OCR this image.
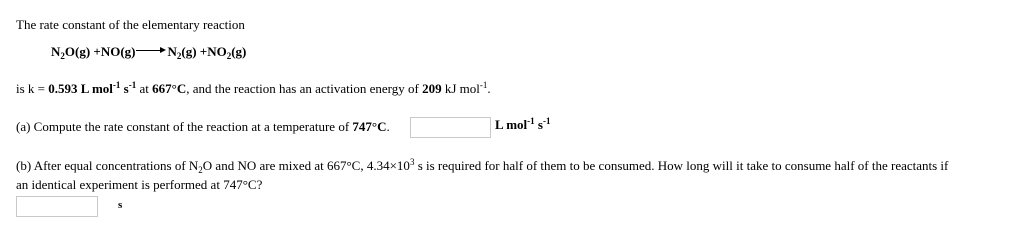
The rate constant of the elementary reaction
$N_2O(g) +NO(g)$ $N_2(g) +NO_2(g)$
is k = 0.593 L mol$^{-1}$ $s^{-1}$ at 667°C, and the reaction has an activation energy of 209 kJ mol$^{-1}$.
(a) Compute the rate constant of the reaction at a temperature of 747°C.	L mol$^{-1}$ $s^{-1}$
(b) After equal concentrations of $N_2O$ and NO are mixed at 667°C, $4.34\times 10^3$ s is required for half of them to be consumed. How long will it take to consume half of the reactants if
an identical experiment is performed at 747°C?
s
